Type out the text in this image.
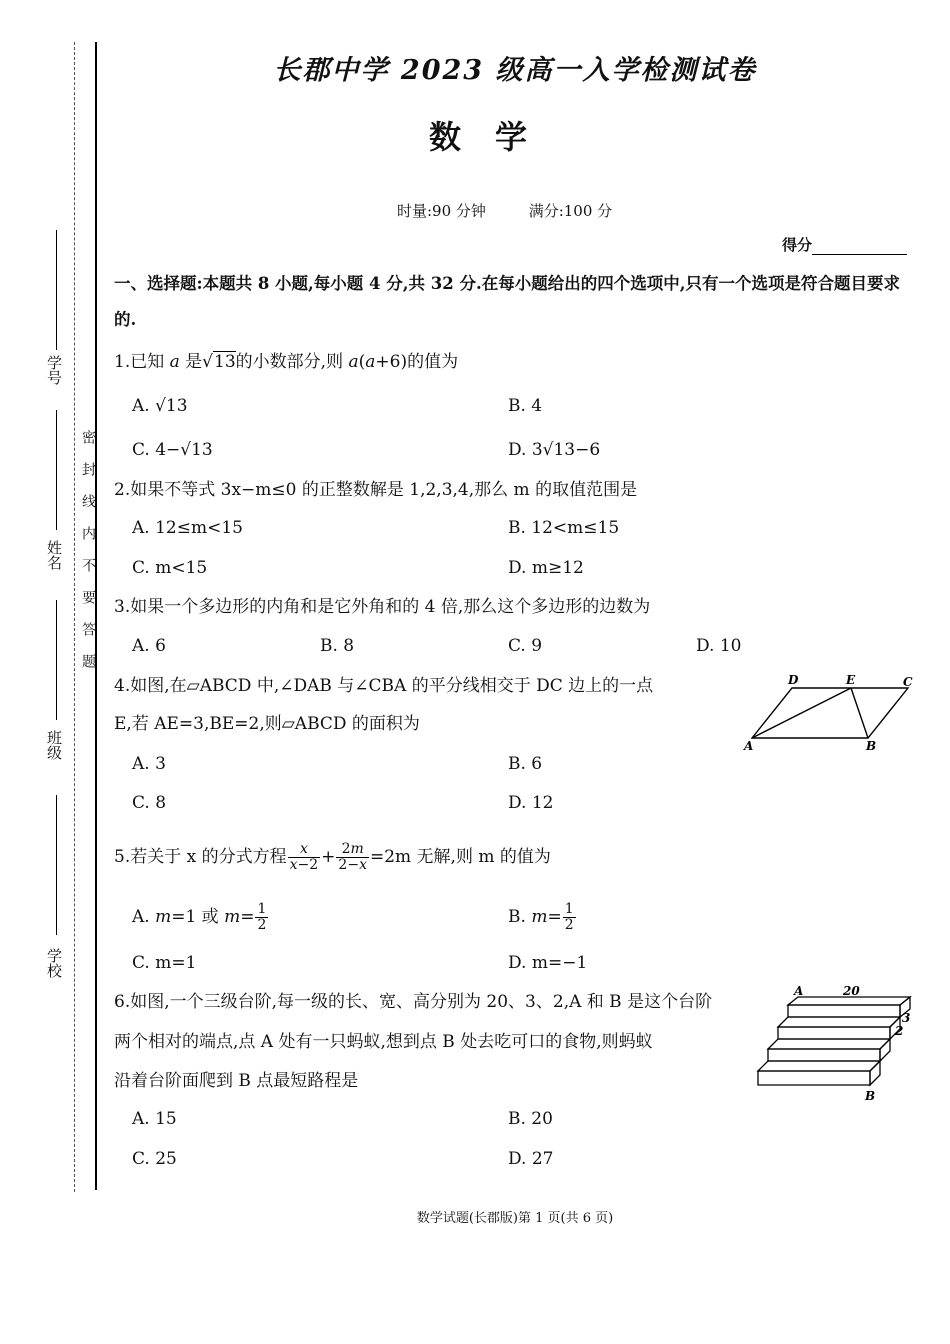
学号
姓名
班级
学校
密封线内不要答题
长郡中学 2023 级高一入学检测试卷
数学
时量:90 分钟	满分:100 分
得分
一、选择题:本题共 8 小题,每小题 4 分,共 32 分.在每小题给出的四个选项中,只有一个选项是符合题目要求的.
1.已知 a 是√13的小数部分,则 a(a+6)的值为
A. √13	B. 4
C. 4−√13	D. 3√13−6
2.如果不等式 3x−m≤0 的正整数解是 1,2,3,4,那么 m 的取值范围是
A. 12≤m<15	B. 12<m≤15
C. m<15	D. m≥12
3.如果一个多边形的内角和是它外角和的 4 倍,那么这个多边形的边数为
A. 6	B. 8	C. 9	D. 10
4.如图,在▱ABCD 中,∠DAB 与∠CBA 的平分线相交于 DC 边上的一点
E,若 AE=3,BE=2,则▱ABCD 的面积为
A. 3	B. 6
C. 8	D. 12
D	E	C
A	B
5.若关于 x 的分式方程 $\frac{x}{x-2} + \frac{2m}{2-x} =2m$ 无解,则 m 的值为
A. m=1 或 $m= \frac{1}{2}$	B. $m= \frac{1}{2}$
C. m=1	D. m=−1
6.如图,一个三级台阶,每一级的长、宽、高分别为 20、3、2,A 和 B 是这个台阶
两个相对的端点,点 A 处有一只蚂蚁,想到点 B 处去吃可口的食物,则蚂蚁
沿着台阶面爬到 B 点最短路程是
A. 15	B. 20
C. 25	D. 27
A	20
3
2
B
数学试题(长郡版)第 1 页(共 6 页)
